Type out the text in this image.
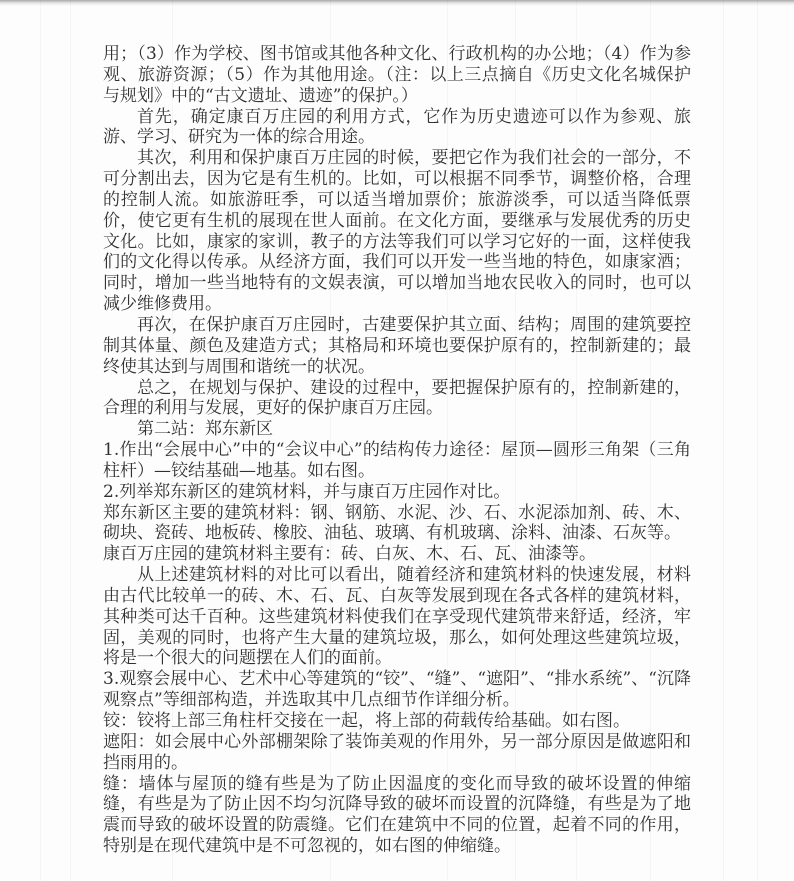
用；（3）作为学校、图书馆或其他各种文化、行政机构的办公地；（4）作为参观、旅游资源；（5）作为其他用途。（注：以上三点摘自《历史文化名城保护与规划》中的“古文遗址、遗迹”的保护。）

首先，确定康百万庄园的利用方式，它作为历史遗迹可以作为参观、旅游、学习、研究为一体的综合用途。

其次，利用和保护康百万庄园的时候，要把它作为我们社会的一部分，不可分割出去，因为它是有生机的。比如，可以根据不同季节，调整价格，合理的控制人流。如旅游旺季，可以适当增加票价；旅游淡季，可以适当降低票价，使它更有生机的展现在世人面前。在文化方面，要继承与发展优秀的历史文化。比如，康家的家训，教子的方法等我们可以学习它好的一面，这样使我们的文化得以传承。从经济方面，我们可以开发一些当地的特色，如康家酒；同时，增加一些当地特有的文娱表演，可以增加当地农民收入的同时，也可以减少维修费用。

再次，在保护康百万庄园时，古建要保护其立面、结构；周围的建筑要控制其体量、颜色及建造方式；其格局和环境也要保护原有的，控制新建的；最终使其达到与周围和谐统一的状况。

总之，在规划与保护、建设的过程中，要把握保护原有的，控制新建的，合理的利用与发展，更好的保护康百万庄园。

第二站：郑东新区

1.作出“会展中心”中的“会议中心”的结构传力途径：屋顶—圆形三角架（三角柱杆）—铰结基础—地基。如右图。

2.列举郑东新区的建筑材料，并与康百万庄园作对比。

郑东新区主要的建筑材料：钢、钢筋、水泥、沙、石、水泥添加剂、砖、木、砌块、瓷砖、地板砖、橡胶、油毡、玻璃、有机玻璃、涂料、油漆、石灰等。

康百万庄园的建筑材料主要有：砖、白灰、木、石、瓦、油漆等。

从上述建筑材料的对比可以看出，随着经济和建筑材料的快速发展，材料由古代比较单一的砖、木、石、瓦、白灰等发展到现在各式各样的建筑材料，其种类可达千百种。这些建筑材料使我们在享受现代建筑带来舒适，经济，牢固，美观的同时，也将产生大量的建筑垃圾，那么，如何处理这些建筑垃圾，将是一个很大的问题摆在人们的面前。

3.观察会展中心、艺术中心等建筑的“铰”、“缝”、“遮阳”、“排水系统”、“沉降观察点”等细部构造，并选取其中几点细节作详细分析。

铰：铰将上部三角柱杆交接在一起，将上部的荷载传给基础。如右图。

遮阳：如会展中心外部棚架除了装饰美观的作用外，另一部分原因是做遮阳和挡雨用的。

缝：墙体与屋顶的缝有些是为了防止因温度的变化而导致的破坏设置的伸缩缝，有些是为了防止因不均匀沉降导致的破坏而设置的沉降缝，有些是为了地震而导致的破坏设置的防震缝。它们在建筑中不同的位置，起着不同的作用，特别是在现代建筑中是不可忽视的，如右图的伸缩缝。
